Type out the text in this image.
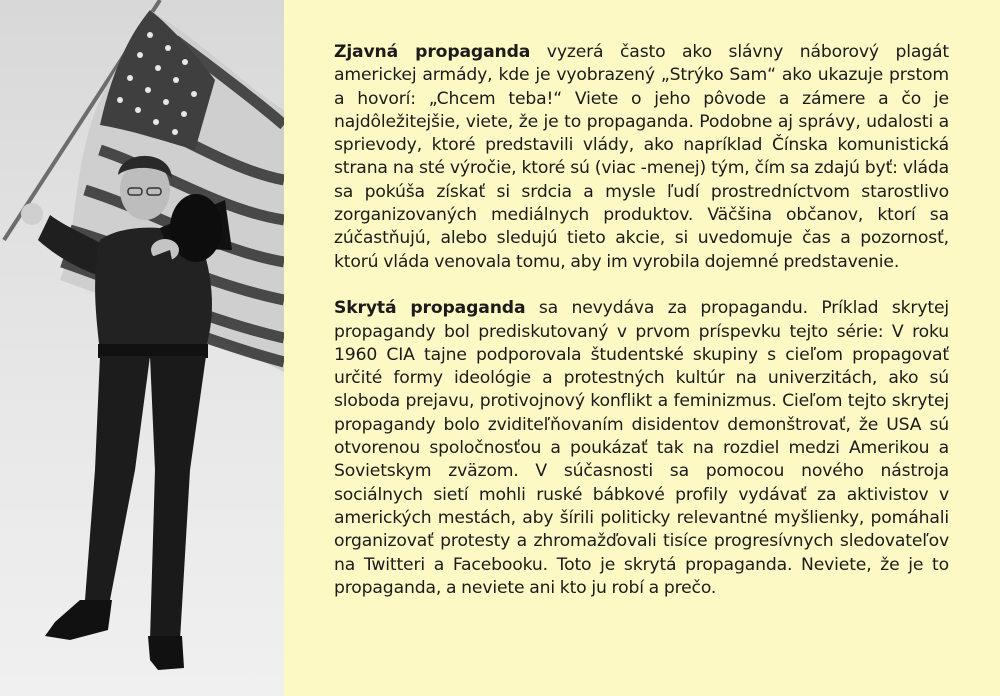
Zjavná propaganda vyzerá často ako slávny náborový plagát americkej armády, kde je vyobrazený „Strýko Sam“ ako ukazuje prstom a hovorí: „Chcem teba!“ Viete o jeho pôvode a zámere a čo je najdôležitejšie, viete, že je to propaganda. Podobne aj správy, udalosti a sprievody, ktoré predstavili vlády, ako napríklad Čínska komunistická strana na sté výročie, ktoré sú (viac -menej) tým, čím sa zdajú byť: vláda sa pokúša získať si srdcia a mysle ľudí prostredníctvom starostlivo zorganizovaných mediálnych produktov. Väčšina občanov, ktorí sa zúčastňujú, alebo sledujú tieto akcie, si uvedomuje čas a pozornosť, ktorú vláda venovala tomu, aby im vyrobila dojemné predstavenie.

Skrytá propaganda sa nevydáva za propagandu. Príklad skrytej propagandy bol prediskutovaný v prvom príspevku tejto série: V roku 1960 CIA tajne podporovala študentské skupiny s cieľom propagovať určité formy ideológie a protestných kultúr na univerzitách, ako sú sloboda prejavu, protivojnový konflikt a feminizmus. Cieľom tejto skrytej propagandy bolo zviditeľňovaním disidentov demonštrovať, že USA sú otvorenou spoločnosťou a poukázať tak na rozdiel medzi Amerikou a Sovietskym zväzom. V súčasnosti sa pomocou nového nástroja sociálnych sietí mohli ruské bábkové profily vydávať za aktivistov v amerických mestách, aby šírili politicky relevantné myšlienky, pomáhali organizovať protesty a zhromažďovali tisíce progresívnych sledovateľov na Twitteri a Facebooku. Toto je skrytá propaganda. Neviete, že je to propaganda, a neviete ani kto ju robí a prečo.
